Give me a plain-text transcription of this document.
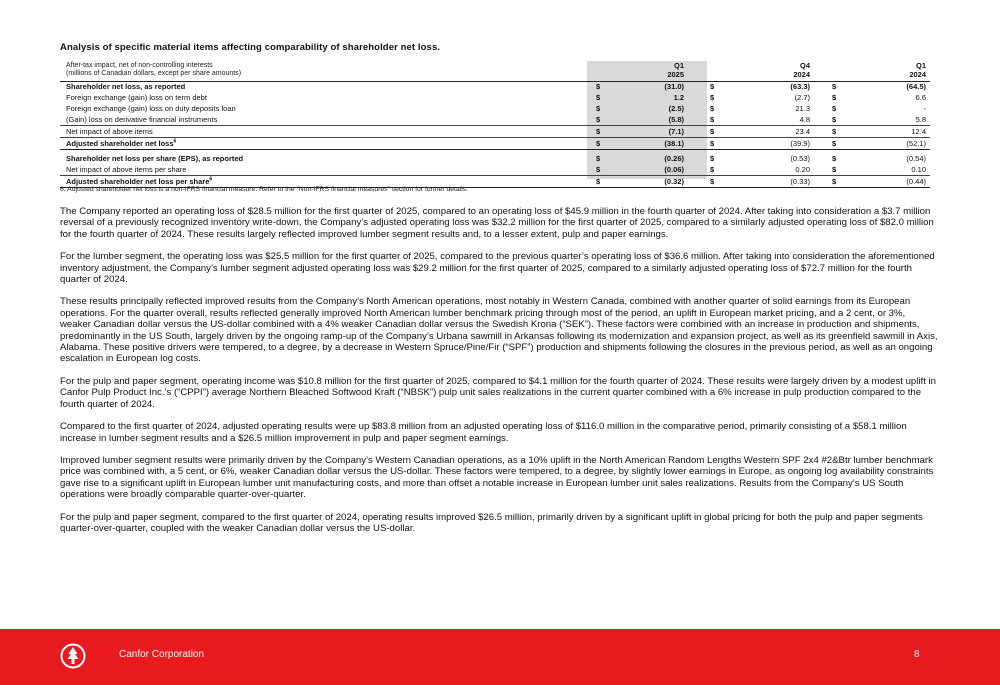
Analysis of specific material items affecting comparability of shareholder net loss.
After-tax impact, net of non-controlling interests
(millions of Canadian dollars, except per share amounts)
Q1
2025
Q4
2024
Q1
2024
Shareholder net loss, as reported	$	(31.0)	$	(63.3)	$	(64.5)
Foreign exchange (gain) loss on term debt	$	1.2	$	(2.7)	$	6.6
Foreign exchange (gain) loss on duty deposits loan	$	(2.5)	$	21.3	$	-
(Gain) loss on derivative financial instruments	$	(5.8)	$	4.8	$	5.8
Net impact of above items	$	(7.1)	$	23.4	$	12.4
Adjusted shareholder net loss$^6$	$	(38.1)	$	(39.9)	$	(52.1)
Shareholder net loss per share (EPS), as reported	$	(0.26)	$	(0.53)	$	(0.54)
Net impact of above items per share	$	(0.06)	$	0.20	$	0.10
Adjusted shareholder net loss per share$^6$	$	(0.32)	$	(0.33)	$	(0.44)
6. Adjusted shareholder net loss is a non-IFRS financial measure. Refer to the “Non-IFRS financial measures” section for further details.

The Company reported an operating loss of $28.5 million for the first quarter of 2025, compared to an operating loss of $45.9 million in the fourth quarter of 2024. After taking into consideration a $3.7 million reversal of a previously recognized inventory write-down, the Company’s adjusted operating loss was $32.2 million for the first quarter of 2025, compared to a similarly adjusted operating loss of $82.0 million for the fourth quarter of 2024. These results largely reflected improved lumber segment results and, to a lesser extent, pulp and paper earnings.

For the lumber segment, the operating loss was $25.5 million for the first quarter of 2025, compared to the previous quarter’s operating loss of $36.6 million. After taking into consideration the aforementioned inventory adjustment, the Company’s lumber segment adjusted operating loss was $29.2 million for the first quarter of 2025, compared to a similarly adjusted operating loss of $72.7 million for the fourth quarter of 2024.

These results principally reflected improved results from the Company’s North American operations, most notably in Western Canada, combined with another quarter of solid earnings from its European operations. For the quarter overall, results reflected generally improved North American lumber benchmark pricing through most of the period, an uplift in European market pricing, and a 2 cent, or 3%, weaker Canadian dollar versus the US-dollar combined with a 4% weaker Canadian dollar versus the Swedish Krona (“SEK”). These factors were combined with an increase in production and shipments, predominantly in the US South, largely driven by the ongoing ramp-up of the Company’s Urbana sawmill in Arkansas following its modernization and expansion project, as well as its greenfield sawmill in Axis, Alabama. These positive drivers were tempered, to a degree, by a decrease in Western Spruce/Pine/Fir (“SPF”) production and shipments following the closures in the previous period, as well as an ongoing escalation in European log costs.

For the pulp and paper segment, operating income was $10.8 million for the first quarter of 2025, compared to $4.1 million for the fourth quarter of 2024. These results were largely driven by a modest uplift in Canfor Pulp Product Inc.’s (“CPPI”) average Northern Bleached Softwood Kraft (“NBSK”) pulp unit sales realizations in the current quarter combined with a 6% increase in pulp production compared to the fourth quarter of 2024.

Compared to the first quarter of 2024, adjusted operating results were up $83.8 million from an adjusted operating loss of $116.0 million in the comparative period, primarily consisting of a $58.1 million increase in lumber segment results and a $26.5 million improvement in pulp and paper segment earnings.

Improved lumber segment results were primarily driven by the Company’s Western Canadian operations, as a 10% uplift in the North American Random Lengths Western SPF 2x4 #2&Btr lumber benchmark price was combined with, a 5 cent, or 6%, weaker Canadian dollar versus the US-dollar. These factors were tempered, to a degree, by slightly lower earnings in Europe, as ongoing log availability constraints gave rise to a significant uplift in European lumber unit manufacturing costs, and more than offset a notable increase in European lumber unit sales realizations. Results from the Company’s US South operations were broadly comparable quarter-over-quarter.

For the pulp and paper segment, compared to the first quarter of 2024, operating results improved $26.5 million, primarily driven by a significant uplift in global pricing for both the pulp and paper segments quarter-over-quarter, coupled with the weaker Canadian dollar versus the US-dollar.

Canfor Corporation	8
